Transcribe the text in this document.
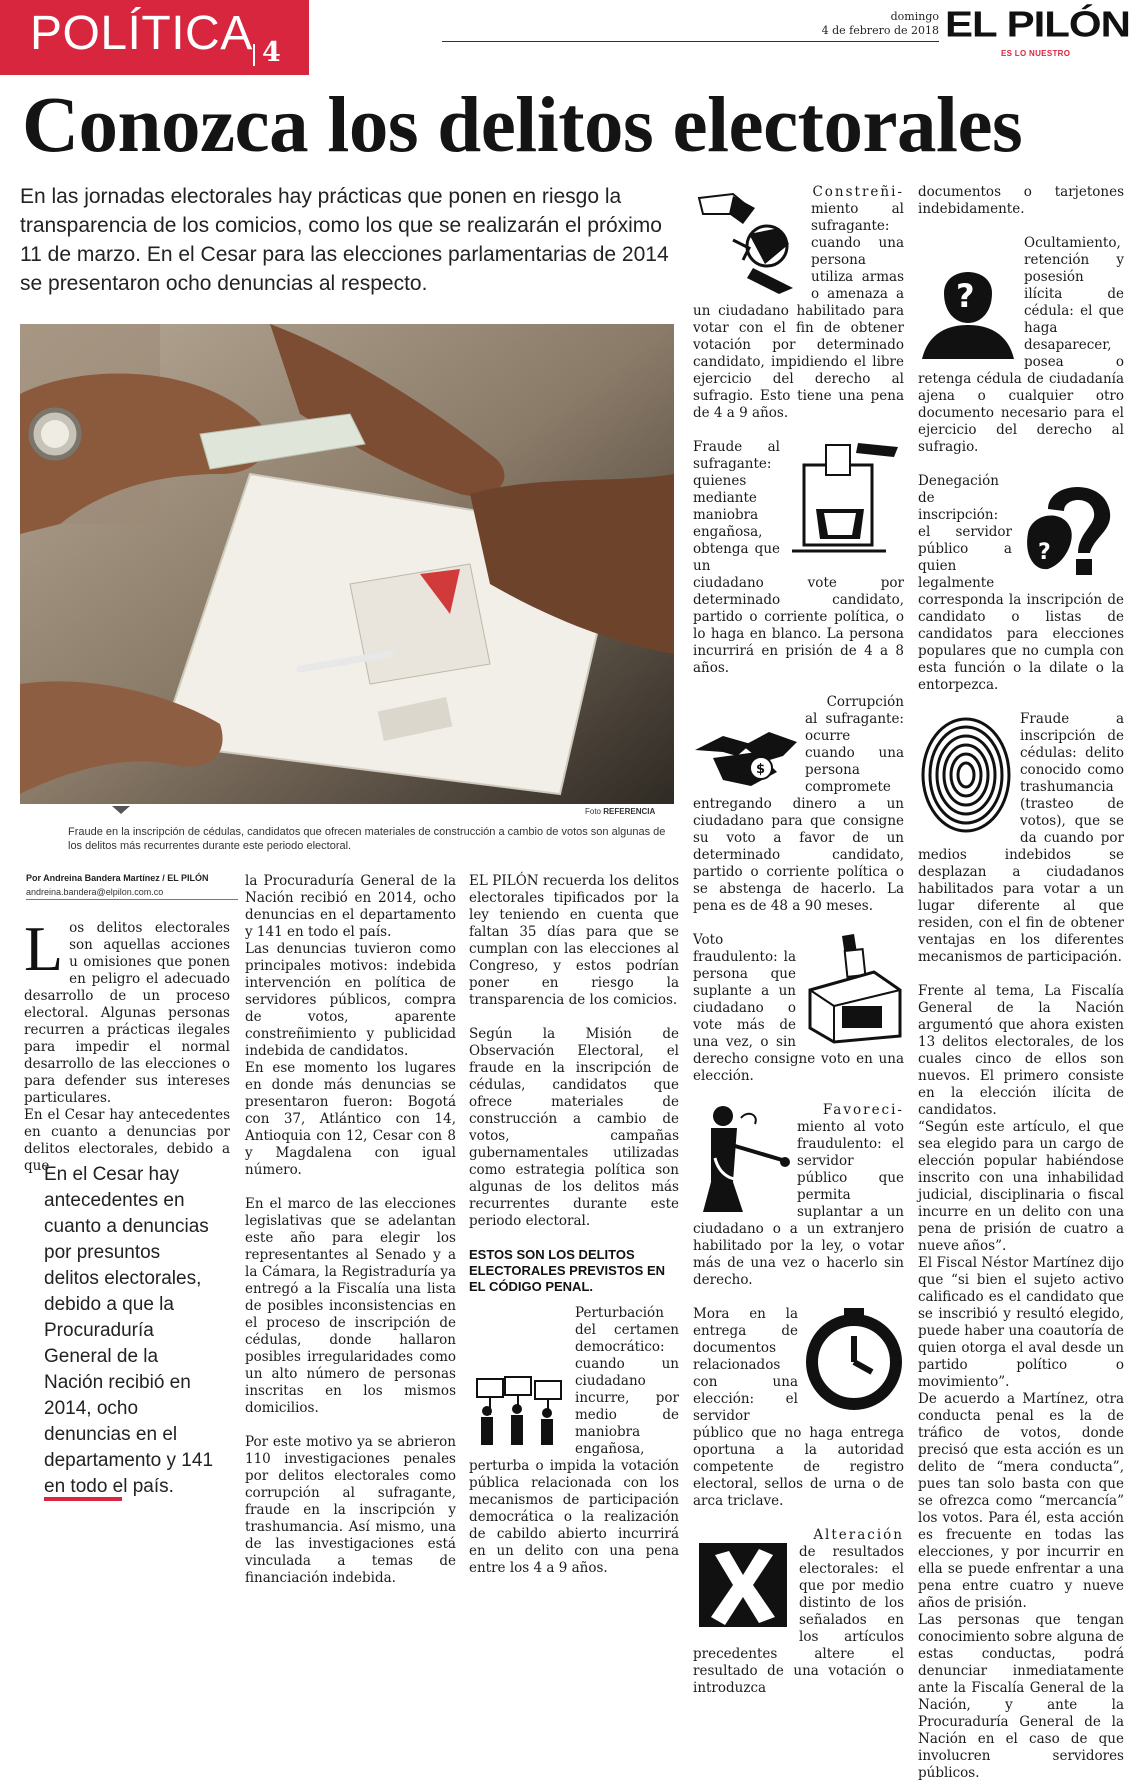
POLÍTICA 4
domingo
4 de febrero de 2018 EL PILÓN
ES LO NUESTRO
Conozca los delitos electorales

En las jornadas electorales hay prácticas que ponen en riesgo la transparencia de los comicios, como los que se realizarán el próximo 11 de marzo. En el Cesar para las elecciones parlamentarias de 2014 se presentaron ocho denuncias al respecto.

Foto REFERENCIA

Fraude en la inscripción de cédulas, candidatos que ofrecen materiales de construcción a cambio de votos son algunas de los delitos más recurrentes durante este periodo electoral.

Por Andreina Bandera Martínez / EL PILÓN
andreina.bandera@elpilon.com.co

Los delitos electorales son aquellas acciones u omisiones que ponen en peligro el adecuado desarrollo de un proceso electoral. Algunas personas recurren a prácticas ilegales para impedir el normal desarrollo de las elecciones o para defender sus intereses particulares.

En el Cesar hay antecedentes en cuanto a denuncias por delitos electorales, debido a que

En el Cesar hay antecedentes en cuanto a denuncias por presuntos delitos electorales, debido a que la Procuraduría General de la Nación recibió en 2014, ocho denuncias en el departamento y 141 en todo el país.

la Procuraduría General de la Nación recibió en 2014, ocho denuncias en el departamento y 141 en todo el país.

Las denuncias tuvieron como principales motivos: indebida intervención en política de servidores públicos, compra de votos, aparente constreñimiento y publicidad indebida de candidatos.

En ese momento los lugares en donde más denuncias se presentaron fueron: Bogotá con 37, Atlántico con 14, Antioquia con 12, Cesar con 8 y Magdalena con igual número.

En el marco de las elecciones legislativas que se adelantan este año para elegir los representantes al Senado y a la Cámara, la Registraduría ya entregó a la Fiscalía una lista de posibles inconsistencias en el proceso de inscripción de cédulas, donde hallaron posibles irregularidades como un alto número de personas inscritas en los mismos domicilios.

Por este motivo ya se abrieron 110 investigaciones penales por delitos electorales como corrupción al sufragante, fraude en la inscripción y trashumancia. Así mismo, una de las investigaciones está vinculada a temas de financiación indebida.

EL PILÓN recuerda los delitos electorales tipificados por la ley teniendo en cuenta que faltan 35 días para que se cumplan con las elecciones al Congreso, y estos podrían poner en riesgo la transparencia de los comicios.

Según la Misión de Observación Electoral, el fraude en la inscripción de cédulas, candidatos que ofrece materiales de construcción a cambio de votos, campañas gubernamentales utilizadas como estrategia política son algunas de los delitos más recurrentes durante este periodo electoral.

ESTOS SON LOS DELITOS ELECTORALES PREVISTOS EN EL CÓDIGO PENAL.

Perturbación del certamen democrático: cuando un ciudadano incurre, por medio de maniobra engañosa, perturba o impida la votación pública relacionada con los mecanismos de participación democrática o la realización de cabildo abierto incurrirá en un delito con una pena entre los 4 a 9 años.

Constreñi-
miento al sufragante: cuando una persona utiliza armas o amenaza a un ciudadano habilitado para votar con el fin de obtener votación por determinado candidato, impidiendo el libre ejercicio del derecho al sufragio. Esto tiene una pena de 4 a 9 años.

Fraude al sufragante: quienes mediante maniobra engañosa, obtenga que un ciudadano vote por determinado candidato, partido o corriente política, o lo haga en blanco. La persona incurrirá en prisión de 4 a 8 años.

$
Corrupción
al sufragante: ocurre cuando una persona compromete entregando dinero a un ciudadano para que consigne su voto a favor de un determinado candidato, partido o corriente política o se abstenga de hacerlo. La pena es de 48 a 90 meses.

Voto fraudulento: la persona que suplante a un ciudadano o vote más de una vez, o sin derecho consigne voto en una elección.

Favoreci-
miento al voto fraudulento: el servidor público que permita suplantar a un ciudadano o a un extranjero habilitado por la ley, o votar más de una vez o hacerlo sin derecho.

Mora en la entrega de documentos relacionados con una elección: el servidor público que no haga entrega oportuna a la autoridad competente de registro electoral, sellos de urna o de arca triclave.

Alteración
de resultados electorales: el que por medio distinto de los señalados en los artículos precedentes altere el resultado de una votación o introduzca

documentos o tarjetones indebidamente.

?
Ocultamiento, retención y posesión ilícita de cédula: el que haga desaparecer, posea o retenga cédula de ciudadanía ajena o cualquier otro documento necesario para el ejercicio del derecho al sufragio.

?
Denegación de inscripción: el servidor público a quien legalmente corresponda la inscripción de candidato o listas de candidatos para elecciones populares que no cumpla con esta función o la dilate o la entorpezca.

Fraude a inscripción de cédulas: delito conocido como trashumancia (trasteo de votos), que se da cuando por medios indebidos se desplazan a ciudadanos habilitados para votar a un lugar diferente al que residen, con el fin de obtener ventajas en los diferentes mecanismos de participación.

Frente al tema, La Fiscalía General de la Nación argumentó que ahora existen 13 delitos electorales, de los cuales cinco de ellos son nuevos. El primero consiste en la elección ilícita de candidatos.

“Según este artículo, el que sea elegido para un cargo de elección popular habiéndose inscrito con una inhabilidad judicial, disciplinaria o fiscal incurre en un delito con una pena de prisión de cuatro a nueve años”.

El Fiscal Néstor Martínez dijo que “si bien el sujeto activo calificado es el candidato que se inscribió y resultó elegido, puede haber una coautoría de quien otorga el aval desde un partido político o movimiento”.

De acuerdo a Martínez, otra conducta penal es la de tráfico de votos, donde precisó que esta acción es un delito de “mera conducta”, pues tan solo basta con que se ofrezca como “mercancía” los votos. Para él, esta acción es frecuente en todas las elecciones, y por incurrir en ella se puede enfrentar a una pena entre cuatro y nueve años de prisión.

Las personas que tengan conocimiento sobre alguna de estas conductas, podrá denunciar inmediatamente ante la Fiscalía General de la Nación, y ante la Procuraduría General de la Nación en el caso de que involucren servidores públicos.
